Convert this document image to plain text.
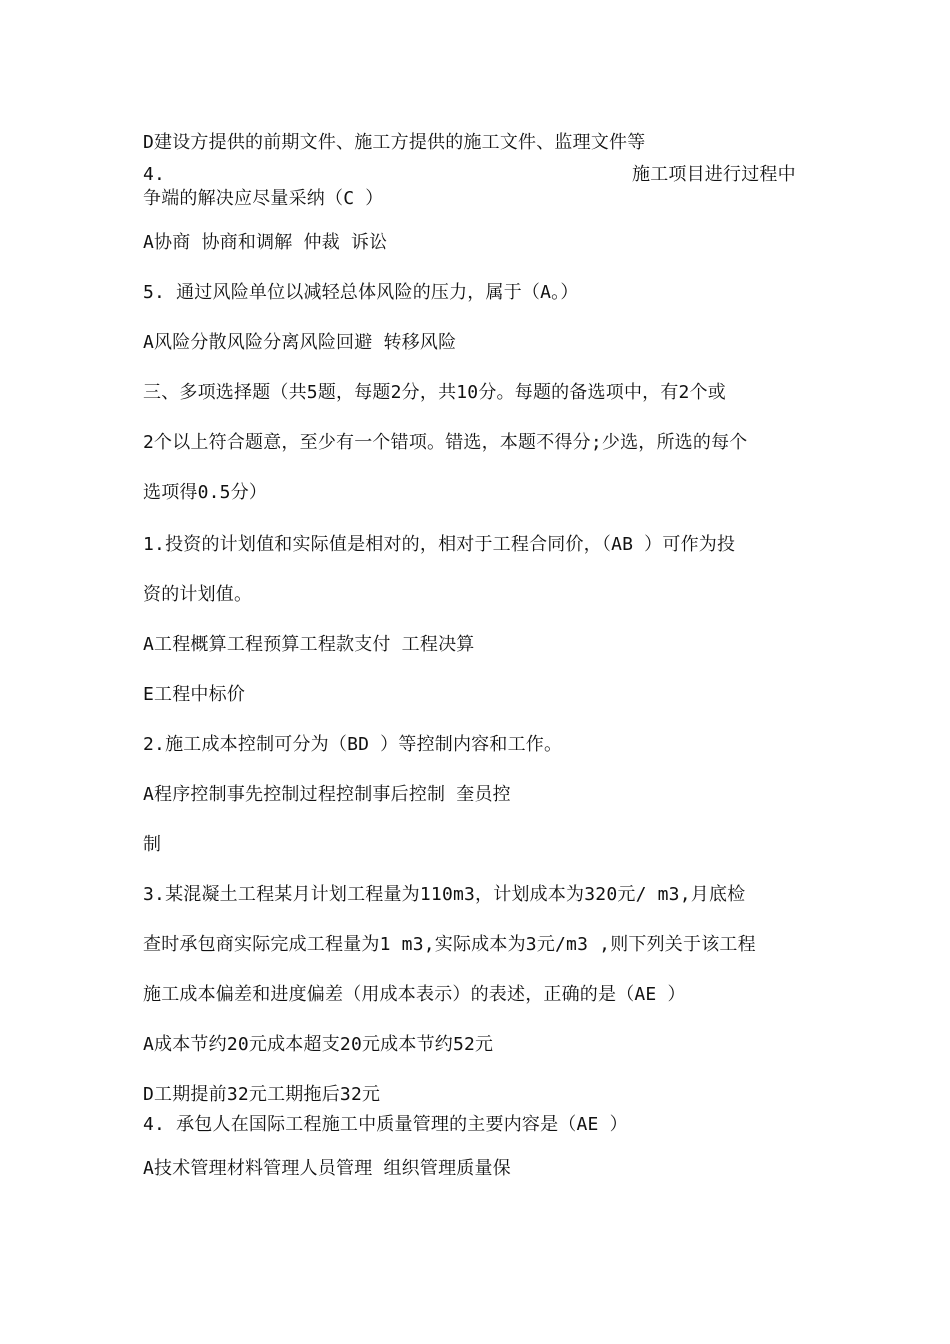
D建设方提供的前期文件、施工方提供的施工文件、监理文件等
4.	施工项目进行过程中
争端的解决应尽量采纳（C ）
A协商 协商和调解 仲裁 诉讼
5. 通过风险单位以减轻总体风险的压力，属于（A。）
A风险分散风险分离风险回避 转移风险
三、多项选择题（共5题，每题2分，共10分。每题的备选项中，有2个或
2个以上符合题意，至少有一个错项。错选，本题不得分;少选，所选的每个
选项得0.5分）
1.投资的计划值和实际值是相对的，相对于工程合同价，（AB ）可作为投
资的计划值。
A工程概算工程预算工程款支付 工程决算
E工程中标价
2.施工成本控制可分为（BD ）等控制内容和工作。
A程序控制事先控制过程控制事后控制 奎员控
制
3.某混凝土工程某月计划工程量为110m3，计划成本为320元/ m3,月底检
查时承包商实际完成工程量为1 m3,实际成本为3元/m3 ,则下列关于该工程
施工成本偏差和进度偏差（用成本表示）的表述，正确的是（AE ）
A成本节约20元成本超支20元成本节约52元
D工期提前32元工期拖后32元
4. 承包人在国际工程施工中质量管理的主要内容是（AE ）
A技术管理材料管理人员管理 组织管理质量保
